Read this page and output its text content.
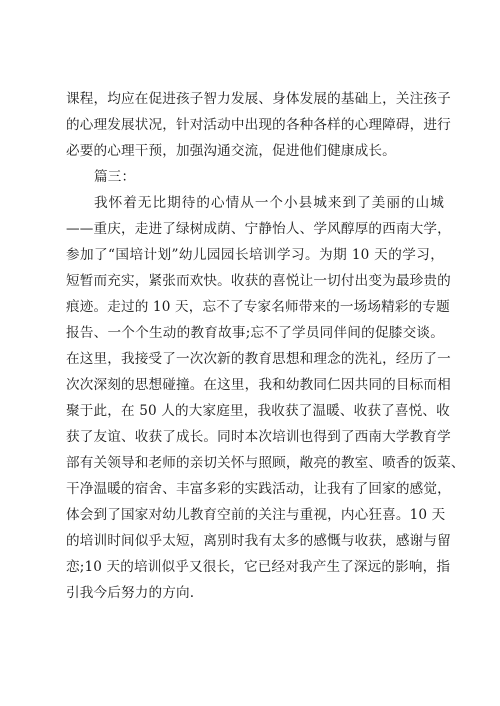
课程，均应在促进孩子智力发展、身体发展的基础上，关注孩子
的心理发展状况，针对活动中出现的各种各样的心理障碍，进行
必要的心理干预，加强沟通交流，促进他们健康成长。
篇三：
我怀着无比期待的心情从一个小县城来到了美丽的山城
——重庆，走进了绿树成荫、宁静怡人、学风醇厚的西南大学，
参加了“国培计划”幼儿园园长培训学习。为期 10 天的学习，
短暂而充实，紧张而欢快。收获的喜悦让一切付出变为最珍贵的
痕迹。走过的 10 天，忘不了专家名师带来的一场场精彩的专题
报告、一个个生动的教育故事;忘不了学员同伴间的促膝交谈。
在这里，我接受了一次次新的教育思想和理念的洗礼，经历了一
次次深刻的思想碰撞。在这里，我和幼教同仁因共同的目标而相
聚于此，在 50 人的大家庭里，我收获了温暖、收获了喜悦、收
获了友谊、收获了成长。同时本次培训也得到了西南大学教育学
部有关领导和老师的亲切关怀与照顾，敞亮的教室、喷香的饭菜、
干净温暖的宿舍、丰富多彩的实践活动，让我有了回家的感觉，
体会到了国家对幼儿教育空前的关注与重视，内心狂喜。10 天
的培训时间似乎太短，离别时我有太多的感慨与收获，感谢与留
恋;10 天的培训似乎又很长，它已经对我产生了深远的影响，指
引我今后努力的方向.
